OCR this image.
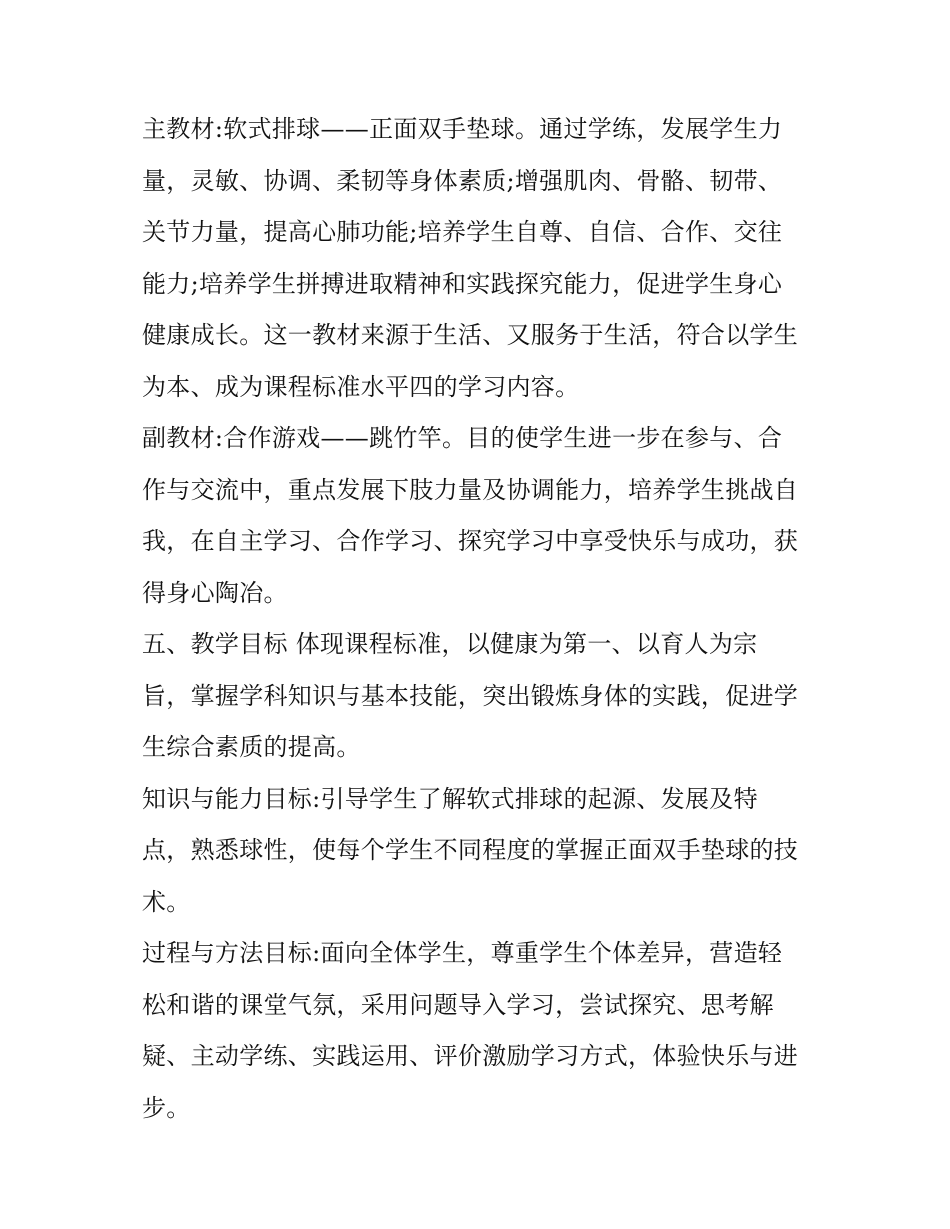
主教材:软式排球——正面双手垫球。通过学练，发展学生力
量，灵敏、协调、柔韧等身体素质;增强肌肉、骨骼、韧带、
关节力量，提高心肺功能;培养学生自尊、自信、合作、交往
能力;培养学生拼搏进取精神和实践探究能力，促进学生身心
健康成长。这一教材来源于生活、又服务于生活，符合以学生
为本、成为课程标准水平四的学习内容。
副教材:合作游戏——跳竹竿。目的使学生进一步在参与、合
作与交流中，重点发展下肢力量及协调能力，培养学生挑战自
我，在自主学习、合作学习、探究学习中享受快乐与成功，获
得身心陶冶。
五、教学目标 体现课程标准，以健康为第一、以育人为宗
旨，掌握学科知识与基本技能，突出锻炼身体的实践，促进学
生综合素质的提高。
知识与能力目标:引导学生了解软式排球的起源、发展及特
点，熟悉球性，使每个学生不同程度的掌握正面双手垫球的技
术。
过程与方法目标:面向全体学生，尊重学生个体差异，营造轻
松和谐的课堂气氛，采用问题导入学习，尝试探究、思考解
疑、主动学练、实践运用、评价激励学习方式，体验快乐与进
步。
